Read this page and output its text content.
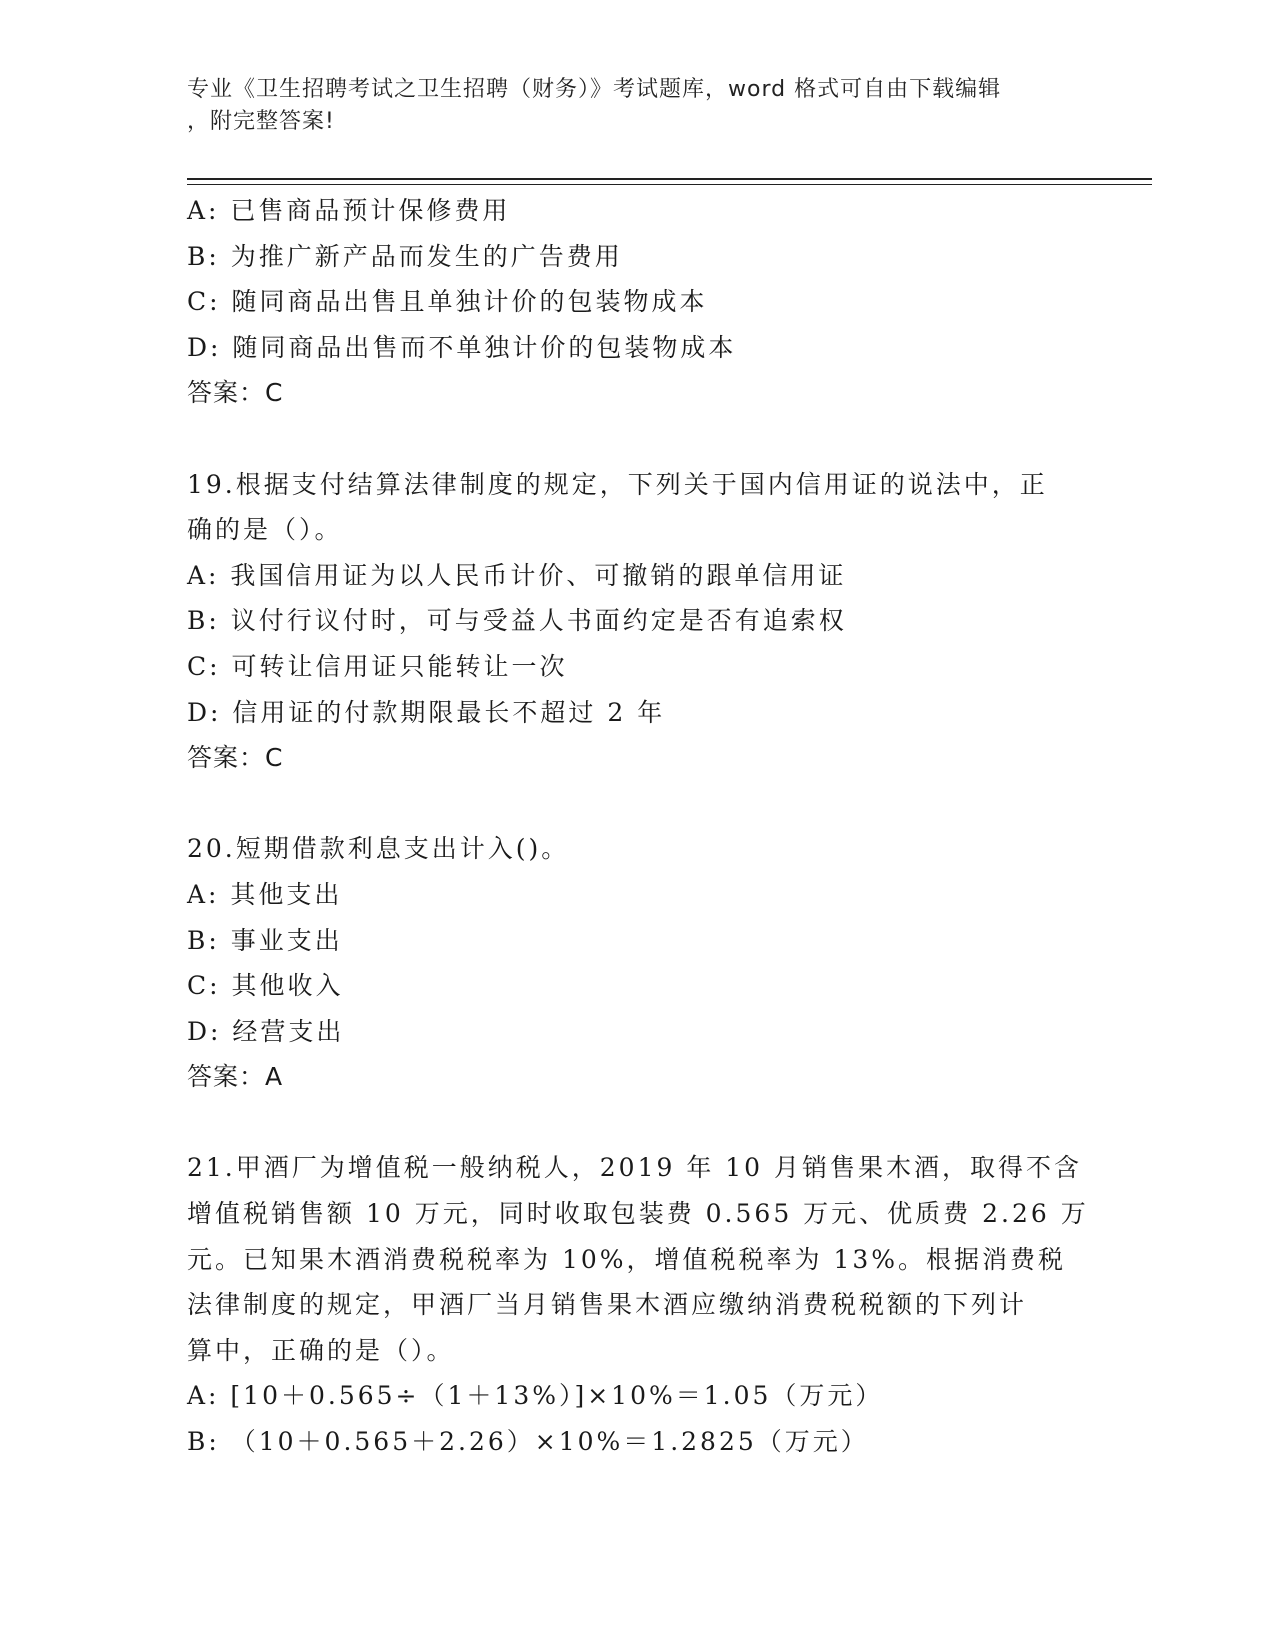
专业《卫生招聘考试之卫生招聘（财务）》考试题库，word 格式可自由下载编辑
，附完整答案!
A: 已售商品预计保修费用
B: 为推广新产品而发生的广告费用
C: 随同商品出售且单独计价的包装物成本
D: 随同商品出售而不单独计价的包装物成本
答案：C
19.根据支付结算法律制度的规定，下列关于国内信用证的说法中，正
确的是（）。
A: 我国信用证为以人民币计价、可撤销的跟单信用证
B: 议付行议付时，可与受益人书面约定是否有追索权
C: 可转让信用证只能转让一次
D: 信用证的付款期限最长不超过 2 年
答案：C
20.短期借款利息支出计入()。
A: 其他支出
B: 事业支出
C: 其他收入
D: 经营支出
答案：A
21.甲酒厂为增值税一般纳税人，2019 年 10 月销售果木酒，取得不含
增值税销售额 10 万元，同时收取包装费 0.565 万元、优质费 2.26 万
元。已知果木酒消费税税率为 10%，增值税税率为 13%。根据消费税
法律制度的规定，甲酒厂当月销售果木酒应缴纳消费税税额的下列计
算中，正确的是（）。
A: [10＋0.565÷（1＋13%）]×10%＝1.05（万元）
B: （10＋0.565＋2.26）×10%＝1.2825（万元）
